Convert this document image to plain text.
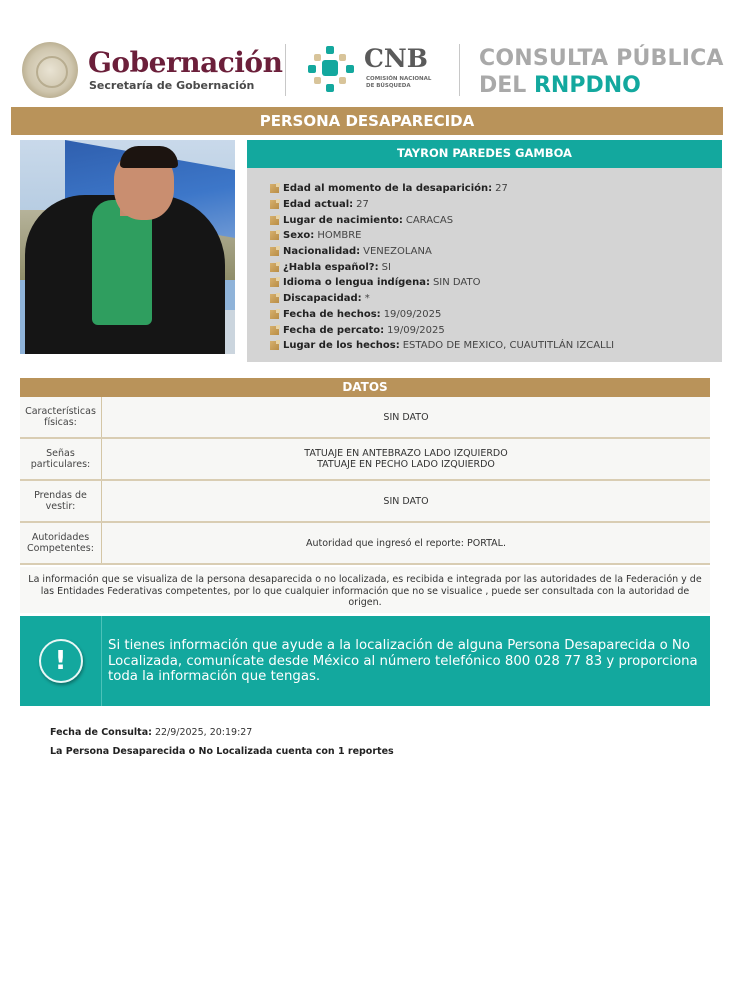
Gobernación
Secretaría de Gobernación
CNB
COMISIÓN NACIONAL
DE BÚSQUEDA
CONSULTA PÚBLICA
DEL RNPDNO
PERSONA DESAPARECIDA
TAYRON PAREDES GAMBOA
Edad al momento de la desaparición: 27
Edad actual: 27
Lugar de nacimiento: CARACAS
Sexo: HOMBRE
Nacionalidad: VENEZOLANA
¿Habla español?: SI
Idioma o lengua indígena: SIN DATO
Discapacidad: *
Fecha de hechos: 19/09/2025
Fecha de percato: 19/09/2025
Lugar de los hechos: ESTADO DE MEXICO, CUAUTITLÁN IZCALLI
DATOS
Características físicas:	SIN DATO
Señas particulares:
TATUAJE EN ANTEBRAZO LADO IZQUIERDO
TATUAJE EN PECHO LADO IZQUIERDO
Prendas de vestir:	SIN DATO
Autoridades Competentes:	Autoridad que ingresó el reporte: PORTAL.
La información que se visualiza de la persona desaparecida o no localizada, es recibida e integrada por las autoridades de la Federación y de las Entidades Federativas competentes, por lo que cualquier información que no se visualice , puede ser consultada con la autoridad de origen.
!
Si tienes información que ayude a la localización de alguna Persona Desaparecida o No Localizada, comunícate desde México al número telefónico 800 028 77 83 y proporciona toda la información que tengas.
Fecha de Consulta: 22/9/2025, 20:19:27
La Persona Desaparecida o No Localizada cuenta con 1 reportes
